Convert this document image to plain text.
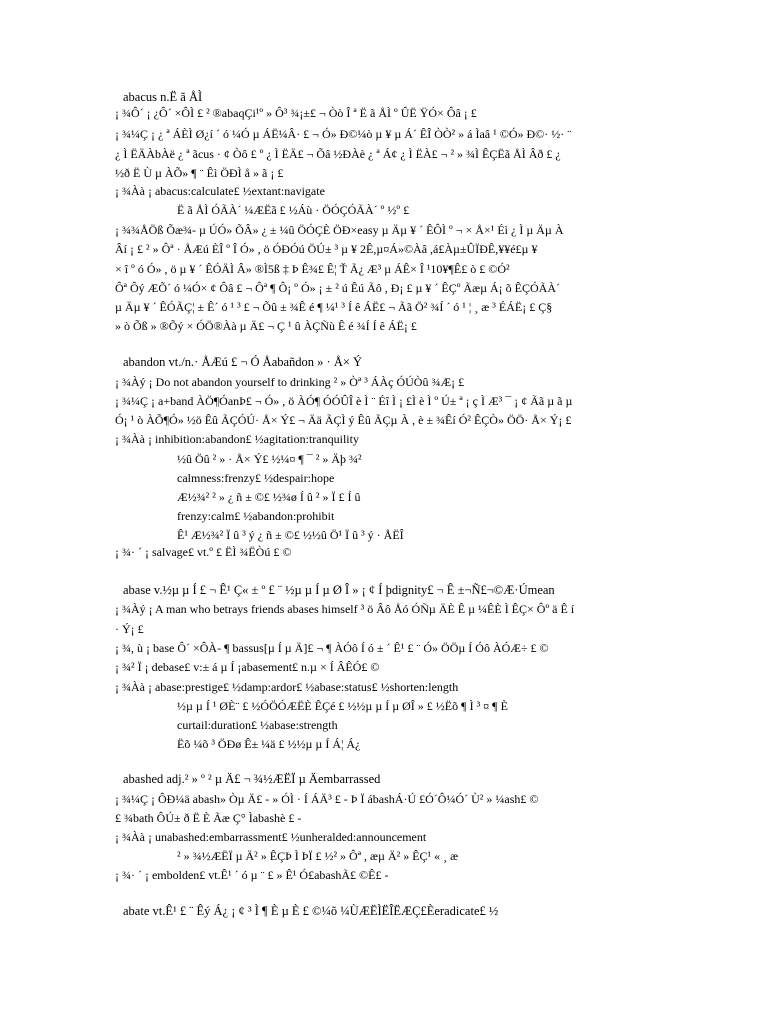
abacus n.Ë ã ÅÌ
¡ ¾Ô´ ¡ ¿Ô´ ×ÔÌ £ ² ®abaqÇi¹º » Ô³ ¾¡±£ ¬ Òò Î ª Ë ã ÅÌ º ÛË ŸÓ× Ôâ ¡ £
¡ ¾¼Ç ¡ ¿ ª ÁÈÌ Ø¿í ´ ó ¼Ó µ ÁË¼Â· £ ¬ Ó» Ð©¼ò µ ¥ µ Á´ ÊÎ ÒÒ² » á Ìaâ ¹ ©Ó» Ð©· ½· ¨
¿ Ì ËÄÀbÀë ¿ ª ãcus · ¢ Òô £ º ¿ Ì ËÄ£ ¬ Õâ ½ÐÀè ¿ ª Á¢ ¿ Ì ËÀ£ ¬ ² » ¾Ì ÊÇËã ÅÌ Âð £ ¿
½ð Ë Ù µ ÀÕ» ¶ ¨ Êì ÖÐÌ å » ã ¡ £
¡ ¾Àà ¡ abacus:calculate£ ½extant:navigate
Ë ã ÅÌ ÓÃÀ´ ¼ÆËã £ ½Áù · ÖÓÇÓÃÀ´ º ½º £
¡ ¾¾ÅÖß Õæ¾- µ ÚÓ» ÕÂ» ¿ ± ¼û ÖÓÇÈ ÖÐ×easy µ Äµ ¥ ´ ÊÔÌ º ¬ × Å×¹ Éì ¿ Ì µ Äµ À
Âí ¡ £ ² » Ôª · ÅÆú ÈÎ º Î Ó» , ö ÓÐÓú ÖÚ± ³ µ ¥ 2Ê,µ¤Á»©Àâ ,á£Àµ±ÛÏÐÊ,¥¥é£µ ¥
× î º ó Ó» , ö µ ¥ ´ ÊÓÄÌ Â» ®Ì5ß ‡ Þ Ê¾£ Ê¦ Ť Ã¿ Æ³ µ ÁÊ× Î ¹10¥¶Ê£ ò £ ©Ó²
Ôª Ôý ÆÕ´ ó ¼Ó× ¢ Ôâ £ ¬ Ôª ¶ Ô¡ º Ó» ¡ ± ² ú Êú Ãô , Ð¡ £ µ ¥ ´ ÊÇº Ãæµ Á¡ õ ÊÇÓÃÀ´
µ Äµ ¥ ´ ÊÓÃÇ¦ ± Ê´ ó ¹ ³ £ ¬ Õû ± ¾Ê é ¶ ¼¹ ³ Í ê ÁË£ ¬ Ãã Ö² ¾Í ´ ó ¹ ¦ ¸ æ ³ ÉÁË¡ £ Ç§
» ò Õß » ®Õý × ÓÖ®Àà µ Ä£ ¬ Ç ¹ û ÀÇÑù Ê é ¾Í Í ê ÁË¡ £
abandon vt./n.· ÅÆú £ ¬ Ó Åabañdon » · Å× Ý
¡ ¾Àý ¡ Do not abandon yourself to drinking ² » Òª ³ ÁÀç ÓÚÒû ¾Æ¡ £
¡ ¾¼Ç ¡ a+band ÀÖ¶ÓanÞ£ ¬ Ó» , ö ÀÓ¶ ÓÓÛÎ è Ì ¨ Éî Ì ¡ £Ì è Ì º Ú± ª ¡ ç Ì Æ³ ¯ ¡ ¢ Ãã µ ã µ
Ó¡ ¹ ò ÀÕ¶Ó» ½ö Êû ÃÇÓÚ· Å× Ý£ ¬ Ää ÃÇÌ ý Êû ÃÇµ À , è ± ¾Êí Ó² ÊÇÒ» ÖÖ· Å× Ý¡ £
¡ ¾Àà ¡ inhibition:abandon£ ½agitation:tranquility
½û Öû ² » · Å× Ý£ ½¼¤ ¶ ¯ ² » Äþ ¾²
calmness:frenzy£ ½despair:hope
Æ½¾² ² » ¿ ñ ± ©£ ½¾ø Í û ² » Ï £ Í û
frenzy:calm£ ½abandon:prohibit
Ê¹ Æ½¾² Ï û ³ ý ¿ ñ ± ©£ ½½û Ö¹ Ï û ³ ý · ÅËÎ
¡ ¾· ´ ¡ salvage£ vt.º £ ËÌ ¾ËÒú £ ©
abase v.½µ µ Í £ ¬ Ê¹ Ç« ± º £ ¨ ½µ µ Í µ Ø Î » ¡ ¢ Í þdignity£ ¬ Ê ±¬Ñ£¬©Æ·Úmean
¡ ¾Àý ¡ A man who betrays friends abases himself ³ ö Âô Åó ÓÑµ ÄÈ Ê µ ¼ÊÈ Ì ÊÇ× Ôº ä Ê í
· Ý¡ £
¡ ¾, ù ¡ base Ô´ ×ÔÀ- ¶ bassus[µ Í µ Ä]£ ¬ ¶ ÀÓô Í ó ± ´ Ê¹ £ ¨ Ó» ÖÖµ Í Óô ÀÓÆ÷ £ ©
¡ ¾² Ï ¡ debase£ v:± á µ Í ¡abasement£ n.µ × Í ÂÊÓ£ ©
¡ ¾Àà ¡ abase:prestige£ ½damp:ardor£ ½abase:status£ ½shorten:length
½µ µ Í ¹ ØÈ¨ £ ½ÓÖÓÆËÈ ÊÇé £ ½½µ µ Í µ ØÎ » £ ½Ëõ ¶ Ì ³ ¤ ¶ È
curtail:duration£ ½abase:strength
Ëõ ¼õ ³ ÖÐø Ê± ¼ä £ ½½µ µ Í Á¦ Á¿
abashed adj.² » º ² µ Ä£ ¬ ¾½ÆËÏ µ Äembarrassed
¡ ¾¼Ç ¡ ÔÐ¼ä abash» Òµ Ä£ - » ÓÌ · Í ÁÄ³ £ - Þ Ï ábashÁ·Ú £Ó´Ô¼Ó´ Ù² » ¼ash£ ©
£ ¾bath ÔÚ± ð Ë È Ãæ Ç° Ìabashè £ -
¡ ¾Àà ¡ unabashed:embarrassment£ ½unheralded:announcement
² » ¾½ÆËÏ µ Ä² » ÊÇÞ Ì ÞÏ £ ½² » Ôª , æµ Ä² » ÊÇ¹ « ¸ æ
¡ ¾· ´ ¡ embolden£ vt.Ê¹ ´ ó µ ¨ £ » Ê¹ Ó£abashÃ£ ©Ê£ -
abate vt.Ê¹ £ ¨ Êý Á¿ ¡ ¢ ³ Ì ¶ È µ È £ ©¼õ ¼ÙÆËÌËÎËÆÇ£Èeradicate£ ½
